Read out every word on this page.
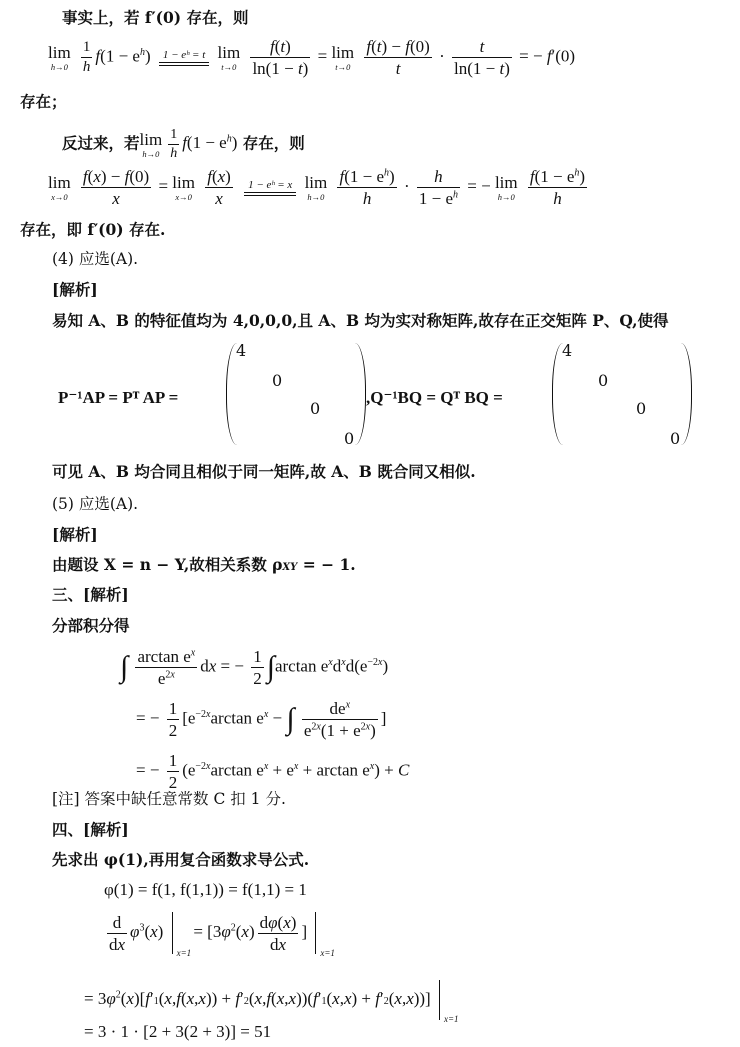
事实上，若 f′(0) 存在，则
lim
h→0
$\frac{1}{h} f(1 - e^h) 1$ − eʰ = t
lim
t→0
$\frac{f(t)}{\ln(1 - t)} = \lim$
t→0
$\frac{f(t) - f(0)}{t} \cdot \frac{t}{\ln(1 - t)}$ = − f′(0)
存在；
反过来，若 lim
$h\to 0 \frac{1}{h} f(1 - e^h)$ 存在，则
lim
x→0
$\frac{f(x) - f(0)}{x} = \lim$
x→0
$\frac{f(x)}{x}$
	1 − eʰ = x
lim
h→0
$\frac{f(1 - e^h)}{h} \cdot \frac{h}{1 - e^h}$ = − lim
h→0
$\frac{f(1 - e^h)}{h}$
存在，即 f′(0) 存在.
(4) 应选(A).
[解析]
易知 A、B 的特征值均为 4,0,0,0,且 A、B 均为实对称矩阵,故存在正交矩阵 P、Q,使得
P⁻¹AP = Pᵀ AP =
4
0
0
0
,Q⁻¹BQ = Qᵀ BQ =
4
0
0
0
可见 A、B 均合同且相似于同一矩阵,故 A、B 既合同又相似.
(5) 应选(A).
[解析]
由题设 X = n − Y,故相关系数 ρXY = − 1.
三、[解析]
分部积分得
∫ $\frac{\arctan e^x}{e^{2x}}$ dx = − $\frac{1}{2} \int\arctan$ $e^xd^xd(e^{-2x})$
= − $\frac{1}{2} [e^{-2x}\arctan$ $e^x$ − ∫ $\frac{de^x}{e^{2x}(1 + e^{2x})}$ ]
= − $\frac{1}{2} (e^{-2x}\arctan$ $e^x + e^x + \arctan e^x) + C$
[注] 答案中缺任意常数 C 扣 1 分.
四、[解析]
先求出 φ(1),再用复合函数求导公式.
φ(1) = f(1, f(1,1)) = f(1,1) = 1
$\frac{d}{dx} \varphi^3(x)$
x=1
= [$3\varphi^2(x) \frac{d\varphi(x)}{dx}$ ]
x=1
= $3\varphi^2(x)[f'1(x,f(x,x)) + f'2(x,f(x,x))(f'1(x,x) + f'2(x,x))]$
x=1
= 3 · 1 · [2 + 3(2 + 3)] = 51
